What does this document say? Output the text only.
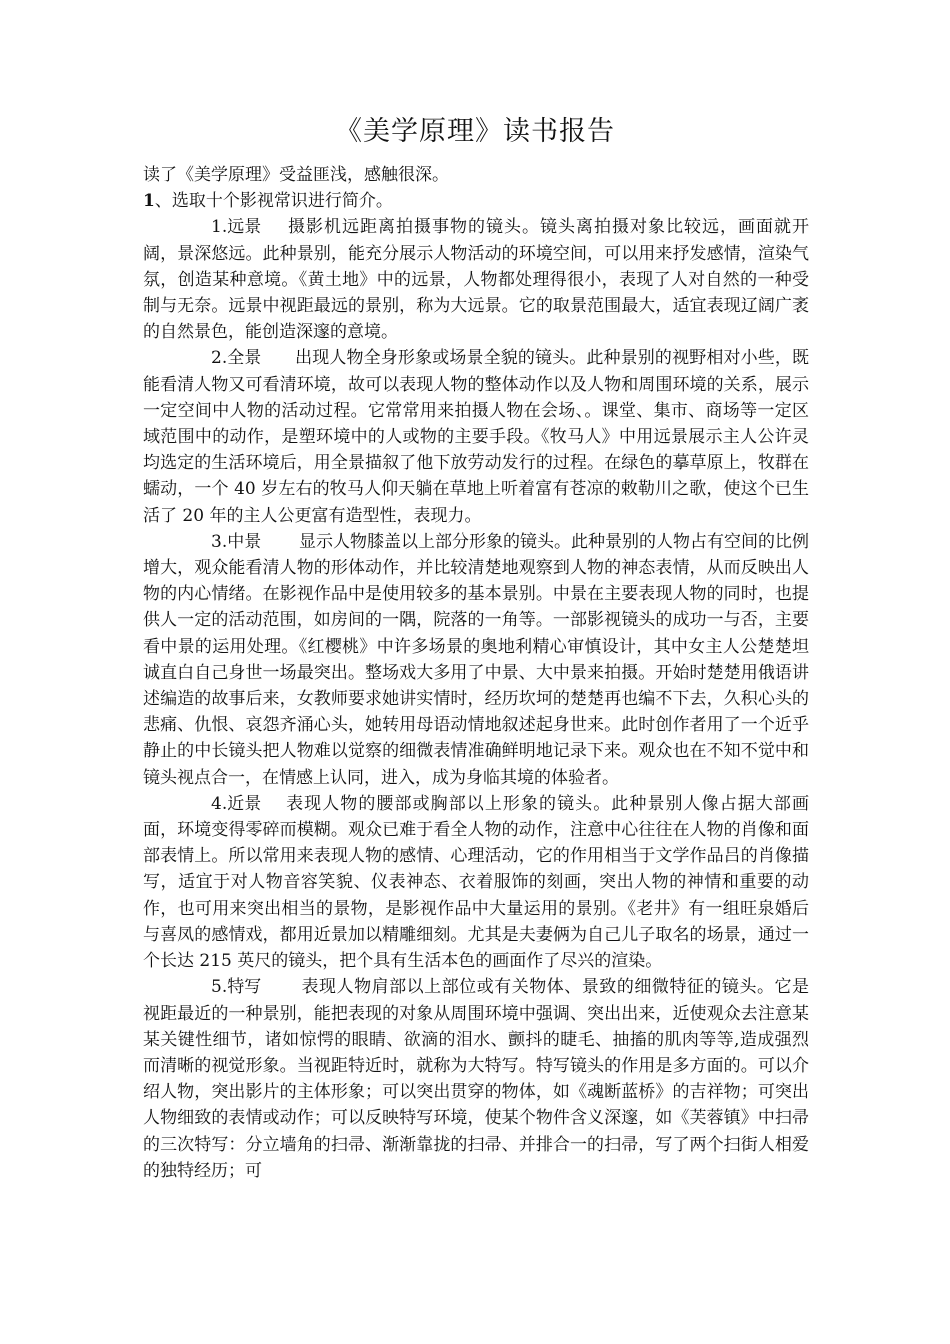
《美学原理》读书报告

读了《美学原理》受益匪浅，感触很深。

1、选取十个影视常识进行简介。

1.远景 摄影机远距离拍摄事物的镜头。镜头离拍摄对象比较远，画面就开阔，景深悠远。此种景别，能充分展示人物活动的环境空间，可以用来抒发感情，渲染气氛，创造某种意境。《黄土地》中的远景，人物都处理得很小，表现了人对自然的一种受制与无奈。远景中视距最远的景别，称为大远景。它的取景范围最大，适宜表现辽阔广袤的自然景色，能创造深邃的意境。

2.全景 出现人物全身形象或场景全貌的镜头。此种景别的视野相对小些，既能看清人物又可看清环境，故可以表现人物的整体动作以及人物和周围环境的关系，展示一定空间中人物的活动过程。它常常用来拍摄人物在会场、。课堂、集市、商场等一定区域范围中的动作，是塑环境中的人或物的主要手段。《牧马人》中用远景展示主人公许灵均选定的生活环境后，用全景描叙了他下放劳动发行的过程。在绿色的摹草原上，牧群在蠕动，一个 40 岁左右的牧马人仰天躺在草地上听着富有苍凉的敕勒川之歌，使这个已生活了 20 年的主人公更富有造型性，表现力。

3.中景 显示人物膝盖以上部分形象的镜头。此种景别的人物占有空间的比例增大，观众能看清人物的形体动作，并比较清楚地观察到人物的神态表情，从而反映出人物的内心情绪。在影视作品中是使用较多的基本景别。中景在主要表现人物的同时，也提供人一定的活动范围，如房间的一隅，院落的一角等。一部影视镜头的成功一与否，主要看中景的运用处理。《红樱桃》中许多场景的奥地利精心审慎设计，其中女主人公楚楚坦诚直白自己身世一场最突出。整场戏大多用了中景、大中景来拍摄。开始时楚楚用俄语讲述编造的故事后来，女教师要求她讲实情时，经历坎坷的楚楚再也编不下去，久积心头的悲痛、仇恨、哀怨齐涌心头，她转用母语动情地叙述起身世来。此时创作者用了一个近乎静止的中长镜头把人物难以觉察的细微表情准确鲜明地记录下来。观众也在不知不觉中和镜头视点合一，在情感上认同，进入，成为身临其境的体验者。

4.近景 表现人物的腰部或胸部以上形象的镜头。此种景别人像占据大部画面，环境变得零碎而模糊。观众已难于看全人物的动作，注意中心往往在人物的肖像和面部表情上。所以常用来表现人物的感情、心理活动，它的作用相当于文学作品吕的肖像描写，适宜于对人物音容笑貌、仪表神态、衣着服饰的刻画，突出人物的神情和重要的动作，也可用来突出相当的景物，是影视作品中大量运用的景别。《老井》有一组旺泉婚后与喜凤的感情戏，都用近景加以精雕细刻。尤其是夫妻俩为自己儿子取名的场景，通过一个长达 215 英尺的镜头，把个具有生活本色的画面作了尽兴的渲染。

5.特写 表现人物肩部以上部位或有关物体、景致的细微特征的镜头。它是视距最近的一种景别，能把表现的对象从周围环境中强调、突出出来，近使观众去注意某某关键性细节，诸如惊愕的眼睛、欲滴的泪水、颤抖的睫毛、抽搐的肌肉等等,造成强烈而清晰的视觉形象。当视距特近时，就称为大特写。特写镜头的作用是多方面的。可以介绍人物，突出影片的主体形象；可以突出贯穿的物体，如《魂断蓝桥》的吉祥物；可突出人物细致的表情或动作；可以反映特写环境，使某个物件含义深邃，如《芙蓉镇》中扫帚的三次特写：分立墙角的扫帚、渐渐靠拢的扫帚、并排合一的扫帚，写了两个扫街人相爱的独特经历；可
